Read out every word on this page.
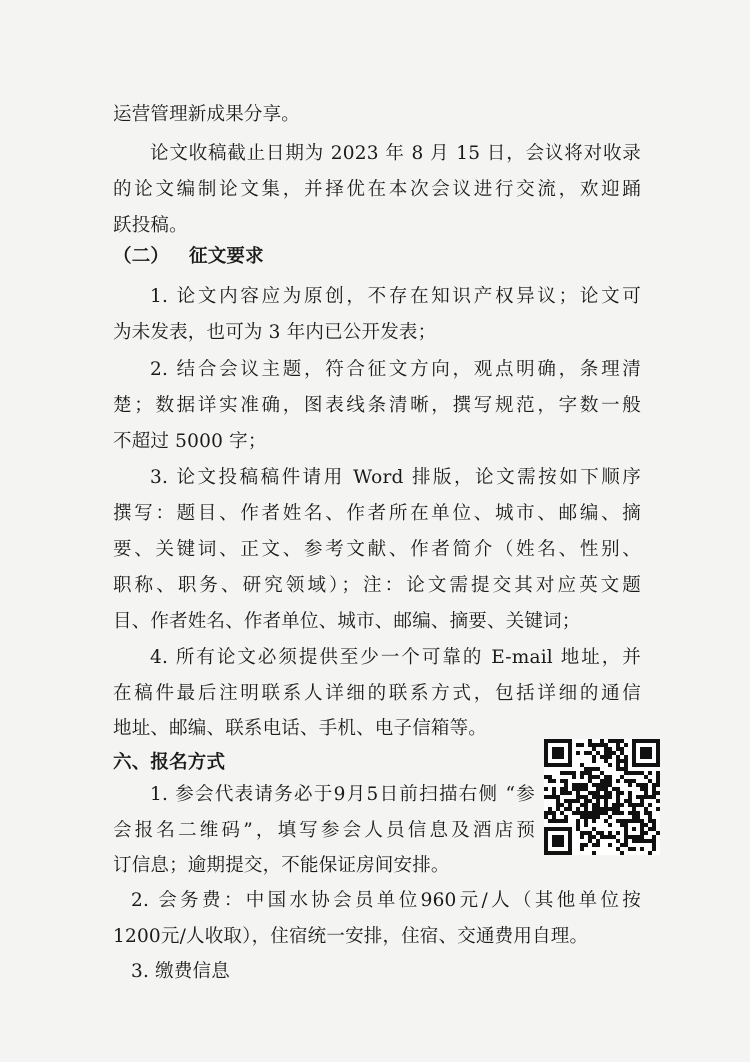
运营管理新成果分享。
论文收稿截止日期为 2023 年 8 月 15 日，会议将对收录
的论文编制论文集，并择优在本次会议进行交流，欢迎踊
跃投稿。
（二）   征文要求
1. 论文内容应为原创，不存在知识产权异议；论文可
为未发表，也可为 3 年内已公开发表；
2. 结合会议主题，符合征文方向，观点明确，条理清
楚；数据详实准确，图表线条清晰，撰写规范，字数一般
不超过 5000 字；
3. 论文投稿稿件请用 Word 排版，论文需按如下顺序
撰写：题目、作者姓名、作者所在单位、城市、邮编、摘
要、关键词、正文、参考文献、作者简介（姓名、性别、
职称、职务、研究领域）；注：论文需提交其对应英文题
目、作者姓名、作者单位、城市、邮编、摘要、关键词；
4. 所有论文必须提供至少一个可靠的 E-mail 地址，并
在稿件最后注明联系人详细的联系方式，包括详细的通信
地址、邮编、联系电话、手机、电子信箱等。
六、报名方式
1. 参会代表请务必于9月5日前扫描右侧 “参
会报名二维码”，填写参会人员信息及酒店预
订信息；逾期提交，不能保证房间安排。
2. 会务费：中国水协会员单位960元/人（其他单位按
1200元/人收取），住宿统一安排，住宿、交通费用自理。
3. 缴费信息
